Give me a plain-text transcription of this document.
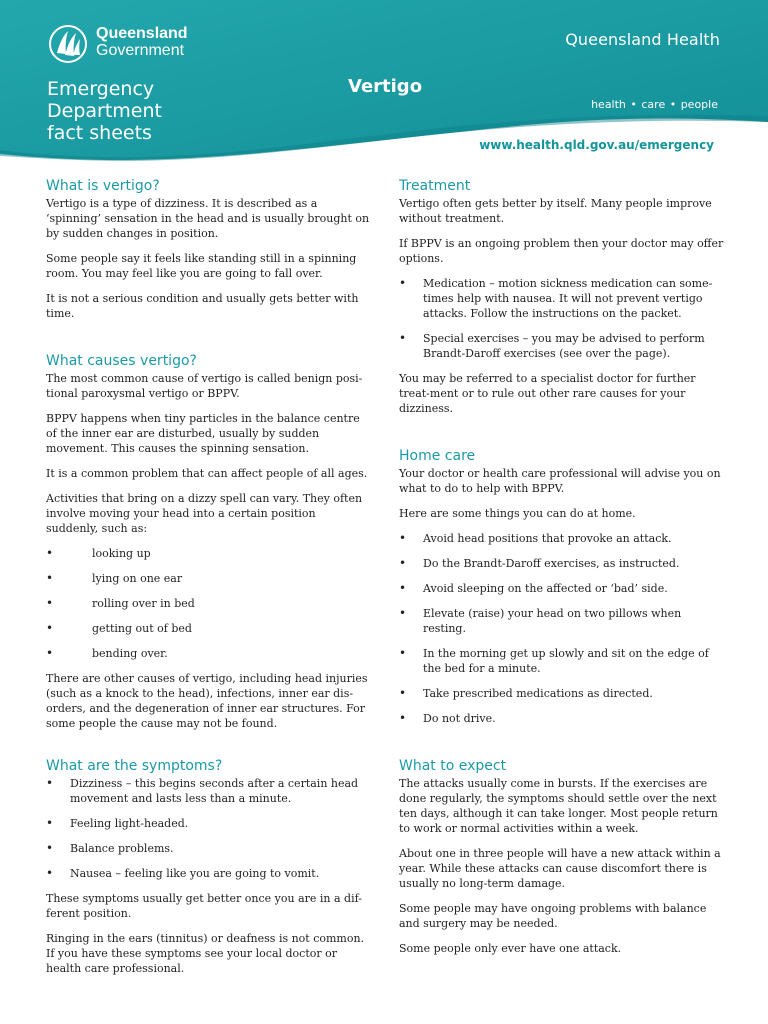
Queensland
Government
Queensland Health
health • care • people
Emergency
Department
fact sheets
Vertigo
www.health.qld.gov.au/emergency
What is vertigo?

Vertigo is a type of dizziness. It is described as a ‘spinning’ sensation in the head and is usually brought on by sudden changes in position.

Some people say it feels like standing still in a spinning room. You may feel like you are going to fall over.

It is not a serious condition and usually gets better with time.

What causes vertigo?

The most common cause of vertigo is called benign posi-tional paroxysmal vertigo or BPPV.

BPPV happens when tiny particles in the balance centre of the inner ear are disturbed, usually by sudden movement. This causes the spinning sensation.

It is a common problem that can affect people of all ages.

Activities that bring on a dizzy spell can vary. They often involve moving your head into a certain position suddenly, such as:

• looking up
• lying on one ear
• rolling over in bed
• getting out of bed
• bending over.

There are other causes of vertigo, including head injuries (such as a knock to the head), infections, inner ear dis-orders, and the degeneration of inner ear structures. For some people the cause may not be found.

What are the symptoms?
• Dizziness – this begins seconds after a certain head movement and lasts less than a minute.
• Feeling light-headed.
• Balance problems.
• Nausea – feeling like you are going to vomit.

These symptoms usually get better once you are in a dif-ferent position.

Ringing in the ears (tinnitus) or deafness is not common. If you have these symptoms see your local doctor or health care professional.

Treatment

Vertigo often gets better by itself. Many people improve without treatment.

If BPPV is an ongoing problem then your doctor may offer options.

• Medication – motion sickness medication can some-times help with nausea. It will not prevent vertigo attacks. Follow the instructions on the packet.
• Special exercises – you may be advised to perform Brandt-Daroff exercises (see over the page).

You may be referred to a specialist doctor for further treat-ment or to rule out other rare causes for your dizziness.

Home care

Your doctor or health care professional will advise you on what to do to help with BPPV.

Here are some things you can do at home.

• Avoid head positions that provoke an attack.
• Do the Brandt-Daroff exercises, as instructed.
• Avoid sleeping on the affected or ‘bad’ side.
• Elevate (raise) your head on two pillows when resting.
• In the morning get up slowly and sit on the edge of the bed for a minute.
• Take prescribed medications as directed.
• Do not drive.
What to expect

The attacks usually come in bursts. If the exercises are done regularly, the symptoms should settle over the next ten days, although it can take longer. Most people return to work or normal activities within a week.

About one in three people will have a new attack within a year. While these attacks can cause discomfort there is usually no long-term damage.

Some people may have ongoing problems with balance and surgery may be needed.

Some people only ever have one attack.
